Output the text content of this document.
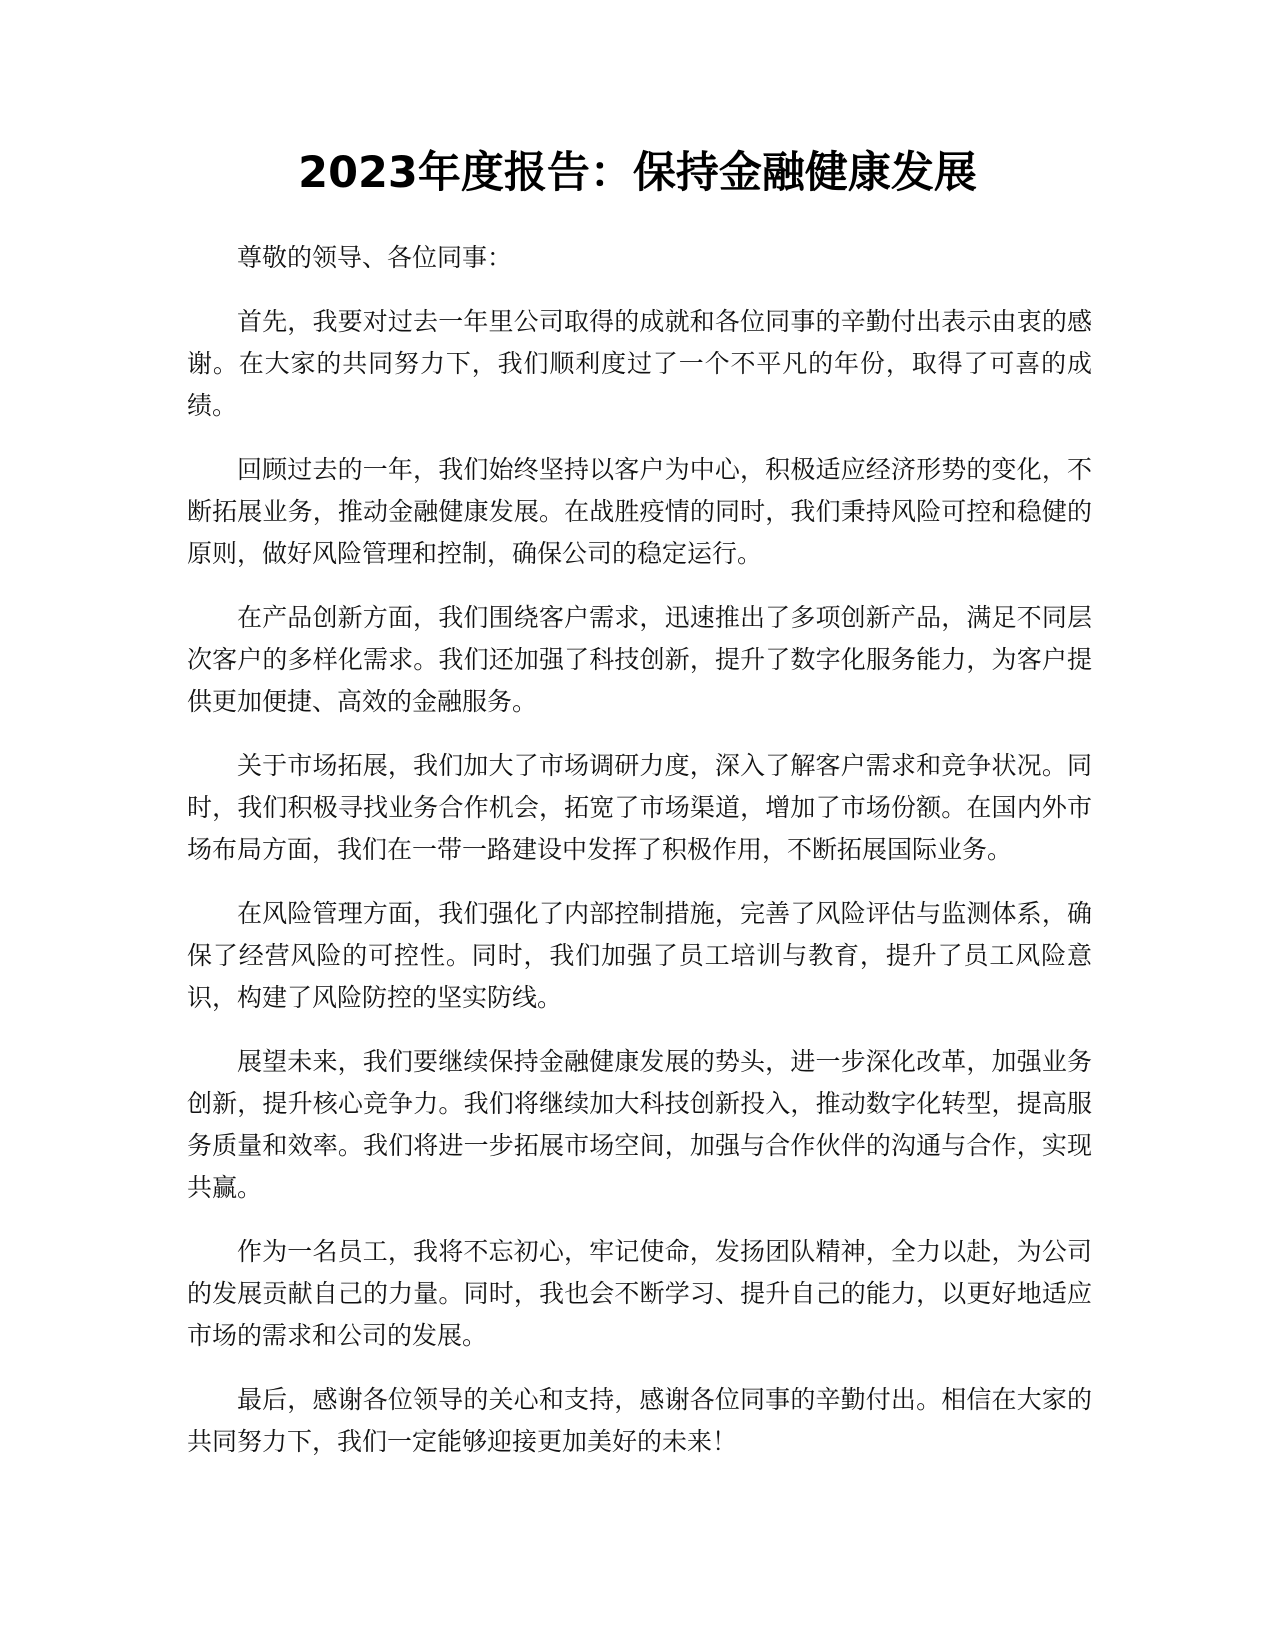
2023年度报告：保持金融健康发展

尊敬的领导、各位同事：

首先，我要对过去一年里公司取得的成就和各位同事的辛勤付出表示由衷的感谢。在大家的共同努力下，我们顺利度过了一个不平凡的年份，取得了可喜的成绩。

回顾过去的一年，我们始终坚持以客户为中心，积极适应经济形势的变化，不断拓展业务，推动金融健康发展。在战胜疫情的同时，我们秉持风险可控和稳健的原则，做好风险管理和控制，确保公司的稳定运行。

在产品创新方面，我们围绕客户需求，迅速推出了多项创新产品，满足不同层次客户的多样化需求。我们还加强了科技创新，提升了数字化服务能力，为客户提供更加便捷、高效的金融服务。

关于市场拓展，我们加大了市场调研力度，深入了解客户需求和竞争状况。同时，我们积极寻找业务合作机会，拓宽了市场渠道，增加了市场份额。在国内外市场布局方面，我们在一带一路建设中发挥了积极作用，不断拓展国际业务。

在风险管理方面，我们强化了内部控制措施，完善了风险评估与监测体系，确保了经营风险的可控性。同时，我们加强了员工培训与教育，提升了员工风险意识，构建了风险防控的坚实防线。

展望未来，我们要继续保持金融健康发展的势头，进一步深化改革，加强业务创新，提升核心竞争力。我们将继续加大科技创新投入，推动数字化转型，提高服务质量和效率。我们将进一步拓展市场空间，加强与合作伙伴的沟通与合作，实现共赢。

作为一名员工，我将不忘初心，牢记使命，发扬团队精神，全力以赴，为公司的发展贡献自己的力量。同时，我也会不断学习、提升自己的能力，以更好地适应市场的需求和公司的发展。

最后，感谢各位领导的关心和支持，感谢各位同事的辛勤付出。相信在大家的共同努力下，我们一定能够迎接更加美好的未来！
